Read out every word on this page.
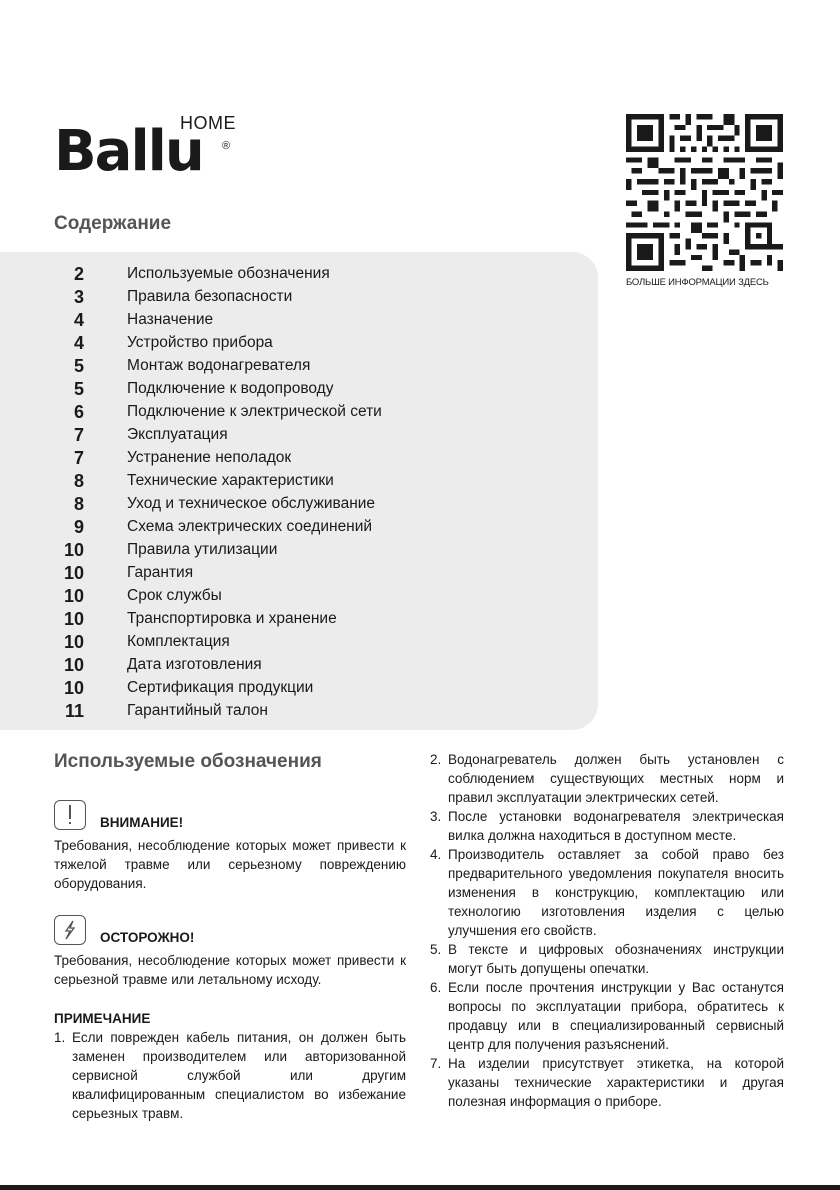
Ballu
HOME
®
БОЛЬШЕ ИНФОРМАЦИИ ЗДЕСЬ
Содержание
2	Используемые обозначения
3	Правила безопасности
4	Назначение
4	Устройство прибора
5	Монтаж водонагревателя
5	Подключение к водопроводу
6	Подключение к электрической сети
7	Эксплуатация
7	Устранение неполадок
8	Технические характеристики
8	Уход и техническое обслуживание
9	Схема электрических соединений
10	Правила утилизации
10	Гарантия
10	Срок службы
10	Транспортировка и хранение
10	Комплектация
10	Дата изготовления
10	Сертификация продукции
11	Гарантийный талон
Используемые обозначения
ВНИМАНИЕ!

Требования, несоблюдение которых может привести к тяжелой травме или серьезному повреждению оборудования.

ОСТОРОЖНО!

Требования, несоблюдение которых может привести к серьезной травме или летальному исходу.

ПРИМЕЧАНИЕ
1. Если поврежден кабель питания, он должен быть заменен производителем или авторизованной сервисной службой или другим квалифицированным специалистом во избежание серьезных травм.
2. Водонагреватель должен быть установлен с соблюдением существующих местных норм и правил эксплуатации электрических сетей.
3. После установки водонагревателя электрическая вилка должна находиться в доступном месте.
4. Производитель оставляет за собой право без предварительного уведомления покупателя вносить изменения в конструкцию, комплектацию или технологию изготовления изделия с целью улучшения его свойств.
5. В тексте и цифровых обозначениях инструкции могут быть допущены опечатки.
6. Если после прочтения инструкции у Вас останутся вопросы по эксплуатации прибора, обратитесь к продавцу или в специализированный сервисный центр для получения разъяснений.
7. На изделии присутствует этикетка, на которой указаны технические характеристики и другая полезная информация о приборе.
